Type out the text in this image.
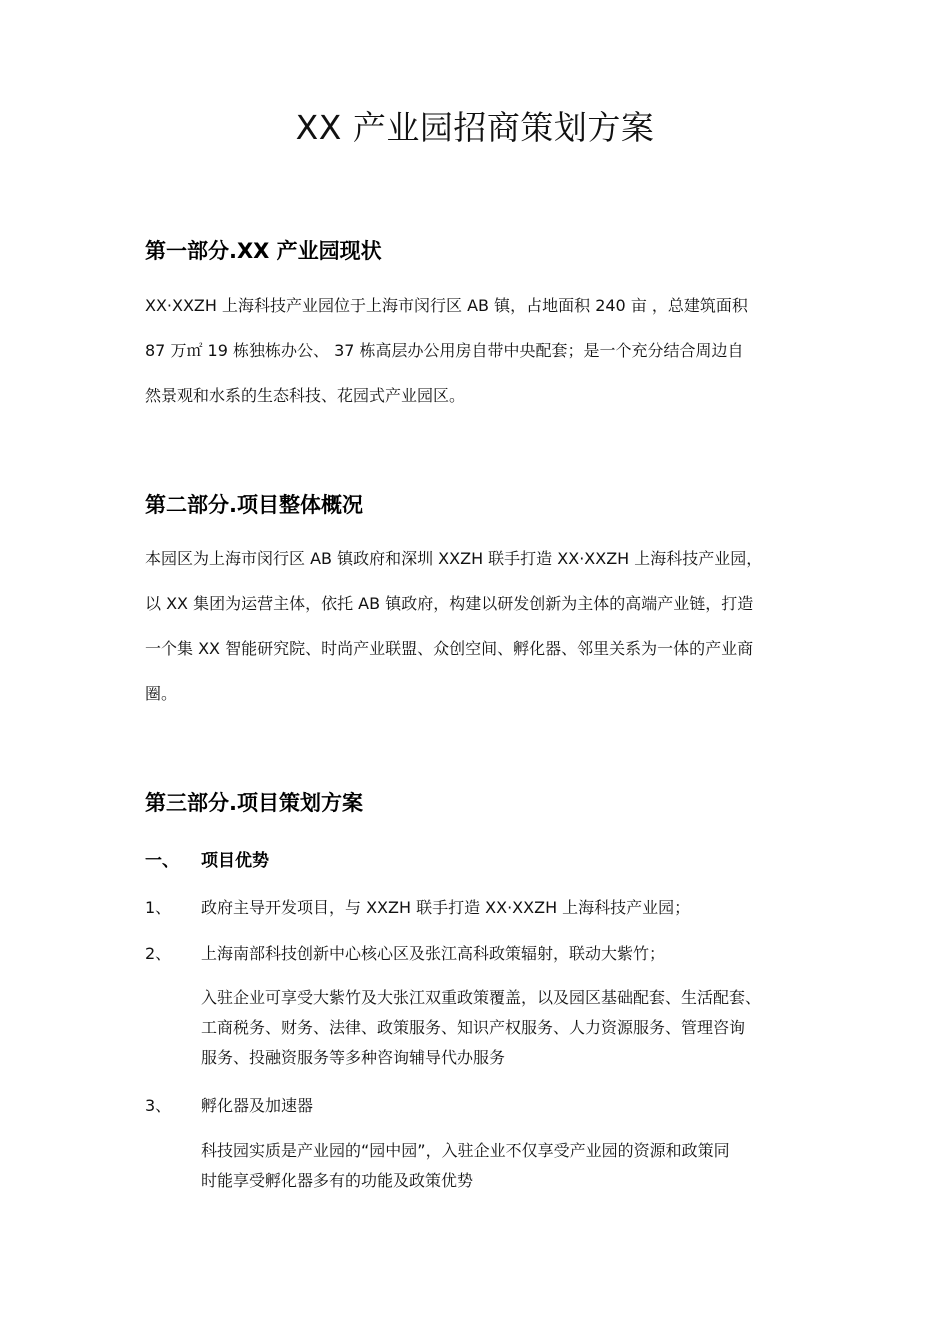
XX 产业园招商策划方案
第一部分.XX 产业园现状
XX·XXZH 上海科技产业园位于上海市闵行区 AB 镇，占地面积 240 亩 ，总建筑面积
87 万㎡ 19 栋独栋办公、 37 栋高层办公用房自带中央配套；是一个充分结合周边自
然景观和水系的生态科技、花园式产业园区。
第二部分.项目整体概况
本园区为上海市闵行区 AB 镇政府和深圳 XXZH 联手打造 XX·XXZH 上海科技产业园，
以 XX 集团为运营主体，依托 AB 镇政府，构建以研发创新为主体的高端产业链，打造
一个集 XX 智能研究院、时尚产业联盟、众创空间、孵化器、邻里关系为一体的产业商
圈。
第三部分.项目策划方案
一、 项目优势
1、 政府主导开发项目，与 XXZH 联手打造 XX·XXZH 上海科技产业园；
2、 上海南部科技创新中心核心区及张江高科政策辐射，联动大紫竹；
入驻企业可享受大紫竹及大张江双重政策覆盖，以及园区基础配套、生活配套、
工商税务、财务、法律、政策服务、知识产权服务、人力资源服务、管理咨询
服务、投融资服务等多种咨询辅导代办服务
3、 孵化器及加速器
科技园实质是产业园的“园中园”，入驻企业不仅享受产业园的资源和政策同
时能享受孵化器多有的功能及政策优势
